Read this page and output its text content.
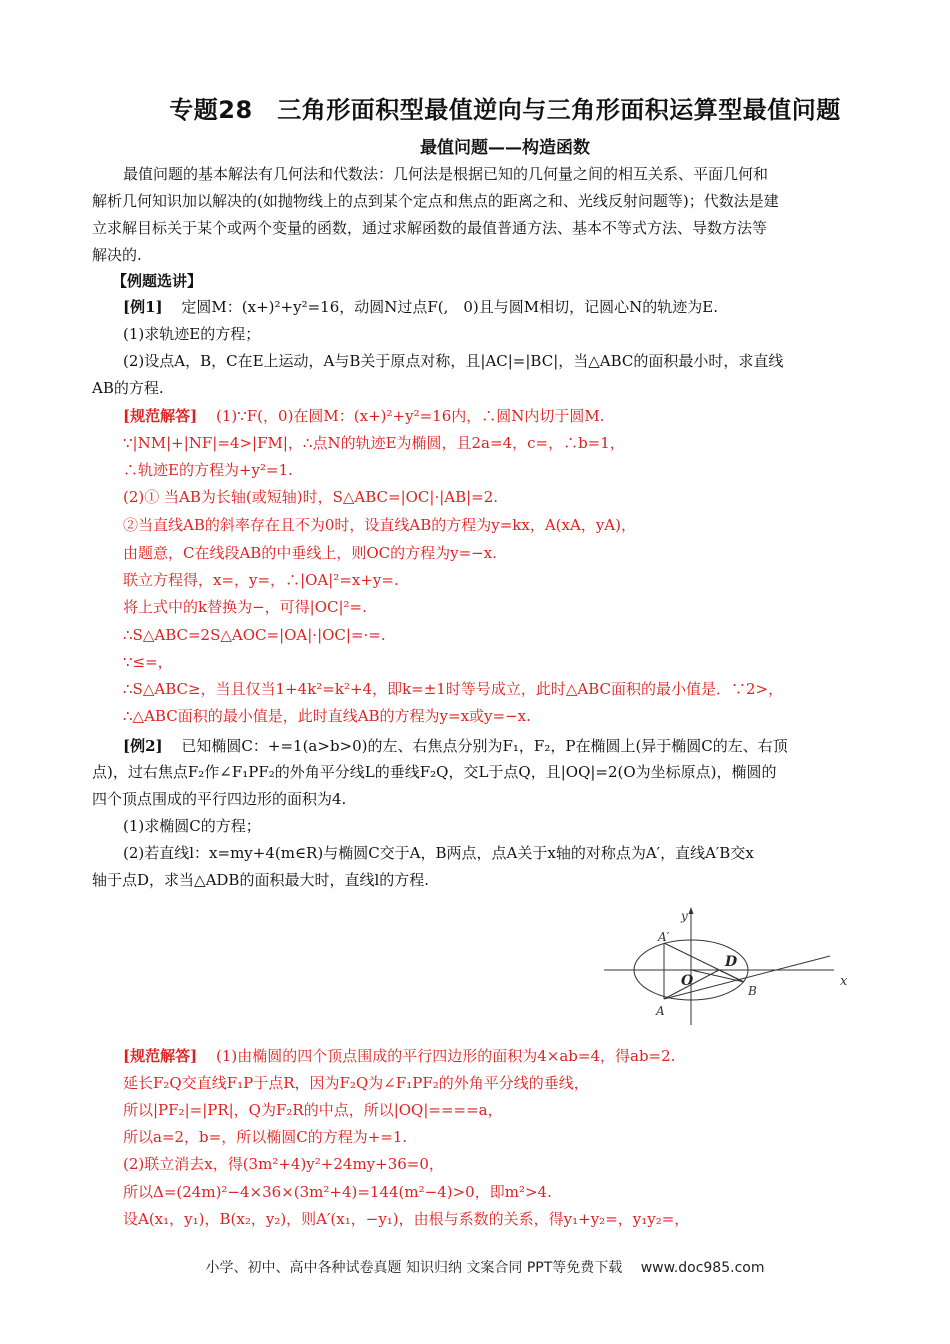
专题28　三角形面积型最值逆向与三角形面积运算型最值问题
最值问题——构造函数
最值问题的基本解法有几何法和代数法：几何法是根据已知的几何量之间的相互关系、平面几何和
解析几何知识加以解决的(如抛物线上的点到某个定点和焦点的距离之和、光线反射问题等)；代数法是建
立求解目标关于某个或两个变量的函数，通过求解函数的最值普通方法、基本不等式方法、导数方法等
解决的.
【例题选讲】
[例1] 定圆M：(x+)²+y²=16，动圆N过点F(,　0)且与圆M相切，记圆心N的轨迹为E.
(1)求轨迹E的方程；
(2)设点A，B，C在E上运动，A与B关于原点对称，且|AC|=|BC|，当△ABC的面积最小时，求直线
AB的方程.
[规范解答] (1)∵F(，0)在圆M：(x+)²+y²=16内，∴圆N内切于圆M.
∵|NM|+|NF|=4>|FM|，∴点N的轨迹E为椭圆，且2a=4，c=，∴b=1，
∴轨迹E的方程为+y²=1.
(2)① 当AB为长轴(或短轴)时，S△ABC=|OC|·|AB|=2.
②当直线AB的斜率存在且不为0时，设直线AB的方程为y=kx，A(xA，yA)，
由题意，C在线段AB的中垂线上，则OC的方程为y=−x.
联立方程得，x=，y=，∴|OA|²=x+y=.
将上式中的k替换为−，可得|OC|²=.
∴S△ABC=2S△AOC=|OA|·|OC|=·=.
∵≤=，
∴S△ABC≥，当且仅当1+4k²=k²+4，即k=±1时等号成立，此时△ABC面积的最小值是．∵2>，
∴△ABC面积的最小值是，此时直线AB的方程为y=x或y=−x.
[例2] 已知椭圆C：+=1(a>b>0)的左、右焦点分别为F₁，F₂，P在椭圆上(异于椭圆C的左、右顶
点)，过右焦点F₂作∠F₁PF₂的外角平分线L的垂线F₂Q，交L于点Q，且|OQ|=2(O为坐标原点)，椭圆的
四个顶点围成的平行四边形的面积为4.
(1)求椭圆C的方程；
(2)若直线l：x=my+4(m∈R)与椭圆C交于A，B两点，点A关于x轴的对称点为A′，直线A′B交x
轴于点D，求当△ADB的面积最大时，直线l的方程.
y
x
A′
D
O
B
A
[规范解答] (1)由椭圆的四个顶点围成的平行四边形的面积为4×ab=4，得ab=2.
延长F₂Q交直线F₁P于点R，因为F₂Q为∠F₁PF₂的外角平分线的垂线，
所以|PF₂|=|PR|，Q为F₂R的中点，所以|OQ|====a，
所以a=2，b=，所以椭圆C的方程为+=1.
(2)联立消去x，得(3m²+4)y²+24my+36=0，
所以Δ=(24m)²−4×36×(3m²+4)=144(m²−4)>0，即m²>4.
设A(x₁，y₁)，B(x₂，y₂)，则A′(x₁，−y₁)，由根与系数的关系，得y₁+y₂=，y₁y₂=，
小学、初中、高中各种试卷真题 知识归纳 文案合同 PPT等免费下载　 www.doc985.com
